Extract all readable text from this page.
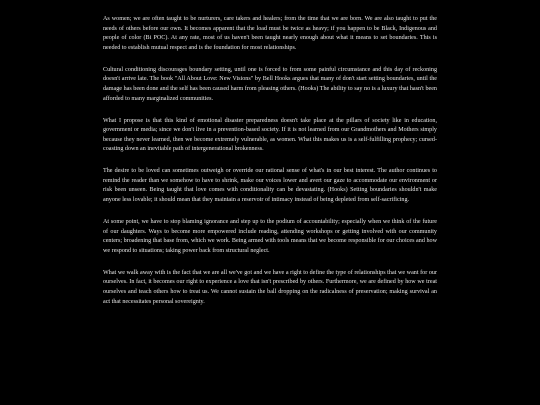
As women; we are often taught to be nurturers, care takers and healers; from the time that we are born. We are also taught to put the needs of others before our own. It becomes apparent that the load must be twice as heavy; if you happen to be Black, Indigenous and people of color (Bi POC). At any rate, most of us haven't been taught nearly enough about what it means to set boundaries. This is needed to establish mutual respect and is the foundation for most relationships.

Cultural conditioning discourages boundary setting, until one is forced to from some painful circumstance and this day of reckoning doesn't arrive late. The book "All About Love: New Visions" by Bell Hooks argues that many of don't start setting boundaries, until the damage has been done and the self has been caused harm from pleasing others. (Hooks) The ability to say no is a luxury that hasn't been afforded to many marginalized communities.

What I propose is that this kind of emotional disaster preparedness doesn't take place at the pillars of society like in education, government or media; since we don't live in a prevention-based society. If it is not learned from our Grandmothers and Mothers simply because they never learned, then we become extremely vulnerable, as women. What this makes us is a self-fulfilling prophecy; cursed- coasting down an inevitable path of intergenerational brokenness.

The desire to be loved can sometimes outweigh or override our rational sense of what's in our best interest. The author continues to remind the reader than we somehow to have to shrink, make our voices lower and avert our gaze to accommodate our environment or risk been unseen. Being taught that love comes with conditionality can be devastating. (Hooks) Setting boundaries shouldn't make anyone less lovable; it should mean that they maintain a reservoir of intimacy instead of being depleted from self-sacrificing.

At some point, we have to stop blaming ignorance and step up to the podium of accountability; especially when we think of the future of our daughters. Ways to become more empowered include reading, attending workshops or getting involved with our community centers; broadening that base from, which we work. Being armed with tools means that we become responsible for our choices and how we respond to situations; taking power back from structural neglect.

What we walk away with is the fact that we are all we've got and we have a right to define the type of relationships that we want for our ourselves. In fact, it becomes our right to experience a love that isn't prescribed by others. Furthermore, we are defined by how we treat ourselves and teach others how to treat us. We cannot sustain the ball dropping on the radicalness of preservation; making survival an act that necessitates personal sovereignty.
